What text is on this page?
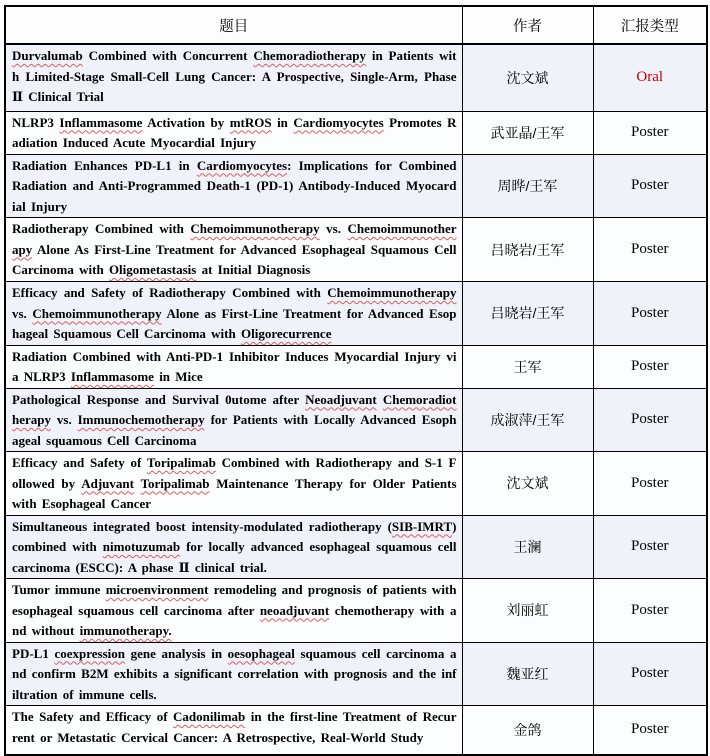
题目	作者	汇报类型
Durvalumab Combined with Concurrent Chemoradiotherapy in Patients with Limited-Stage Small-Cell Lung Cancer: A Prospective, Single-Arm, Phase Ⅱ Clinical Trial	沈文斌	Oral
NLRP3 Inflammasome Activation by mtROS in Cardiomyocytes Promotes Radiation Induced Acute Myocardial Injury	武亚晶/王军	Poster
Radiation Enhances PD-L1 in Cardiomyocytes: Implications for Combined Radiation and Anti-Programmed Death-1 (PD-1) Antibody-Induced Myocardial Injury	周晔/王军	Poster
Radiotherapy Combined with Chemoimmunotherapy vs. Chemoimmunotherapy Alone As First-Line Treatment for Advanced Esophageal Squamous Cell Carcinoma with Oligometastasis at Initial Diagnosis	吕晓岩/王军	Poster
Efficacy and Safety of Radiotherapy Combined with Chemoimmunotherapy vs. Chemoimmunotherapy Alone as First-Line Treatment for Advanced Esophageal Squamous Cell Carcinoma with Oligorecurrence	吕晓岩/王军	Poster
Radiation Combined with Anti-PD-1 Inhibitor Induces Myocardial Injury via NLRP3 Inflammasome in Mice	王军	Poster
Pathological Response and Survival 0utome after Neoadjuvant Chemoradiotherapy vs. Immunochemotherapy for Patients with Locally Advanced Esophageal squamous Cell Carcinoma	成淑萍/王军	Poster
Efficacy and Safety of Toripalimab Combined with Radiotherapy and S-1 Followed by Adjuvant Toripalimab Maintenance Therapy for Older Patients with Esophageal Cancer	沈文斌	Poster
Simultaneous integrated boost intensity-modulated radiotherapy (SIB-IMRT) combined with nimotuzumab for locally advanced esophageal squamous cell carcinoma (ESCC): A phase Ⅱ clinical trial.	王澜	Poster
Tumor immune microenvironment remodeling and prognosis of patients with esophageal squamous cell carcinoma after neoadjuvant chemotherapy with and without immunotherapy.	刘丽虹	Poster
PD-L1 coexpression gene analysis in oesophageal squamous cell carcinoma and confirm B2M exhibits a significant correlation with prognosis and the infiltration of immune cells.	魏亚红	Poster
The Safety and Efficacy of Cadonilimab in the first-line Treatment of Recurrent or Metastatic Cervical Cancer: A Retrospective, Real-World Study	金鸽	Poster
